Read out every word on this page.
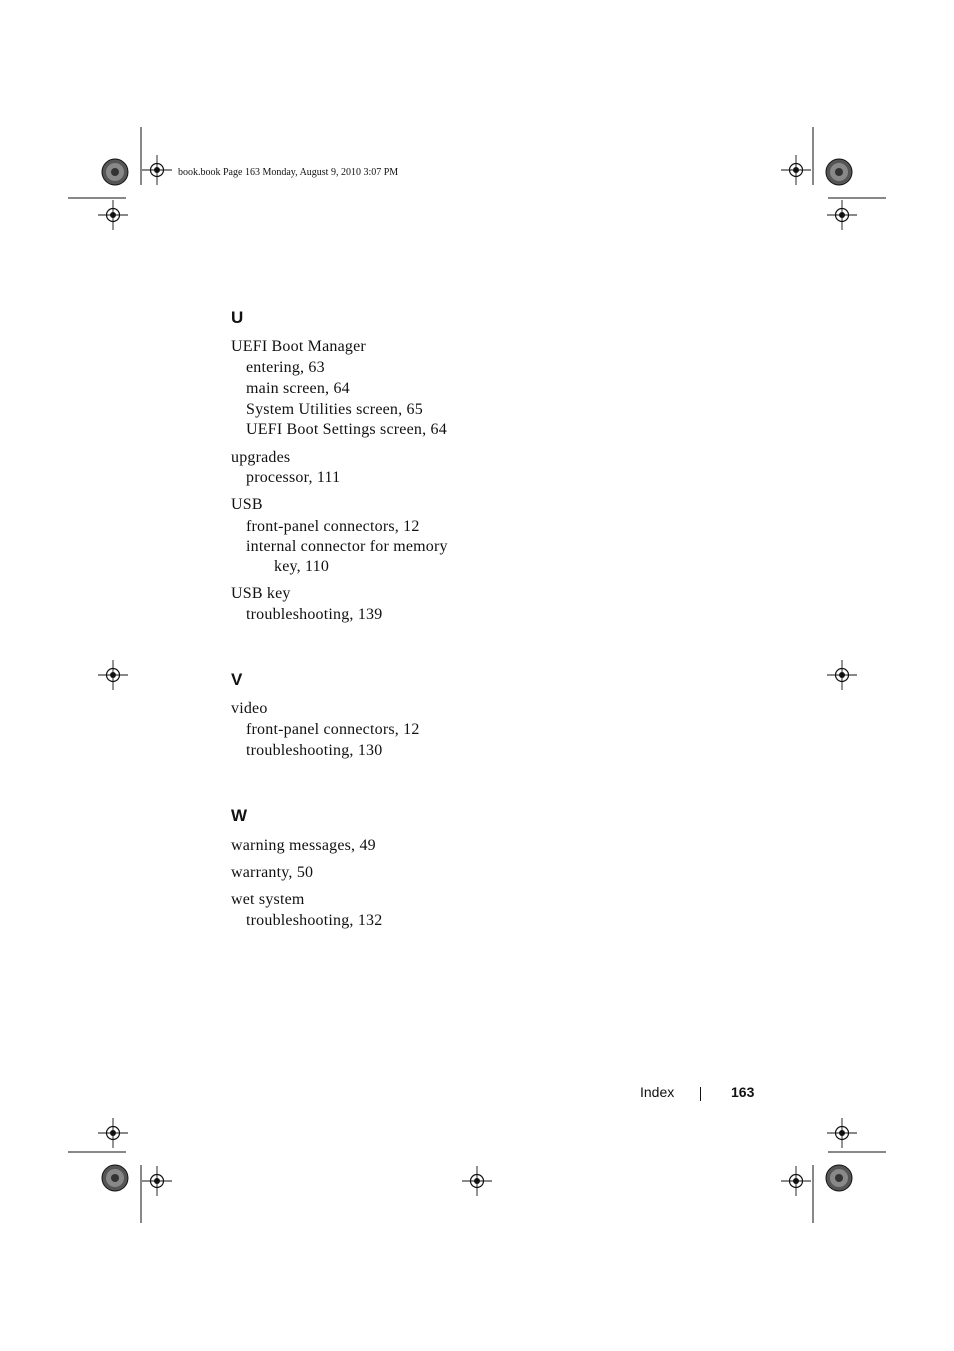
book.book Page 163 Monday, August 9, 2010 3:07 PM
U
UEFI Boot Manager
entering, 63
main screen, 64
System Utilities screen, 65
UEFI Boot Settings screen, 64
upgrades
processor, 111
USB
front-panel connectors, 12
internal connector for memory
key, 110
USB key
troubleshooting, 139
V
video
front-panel connectors, 12
troubleshooting, 130
W
warning messages, 49
warranty, 50
wet system
troubleshooting, 132
Index	163
